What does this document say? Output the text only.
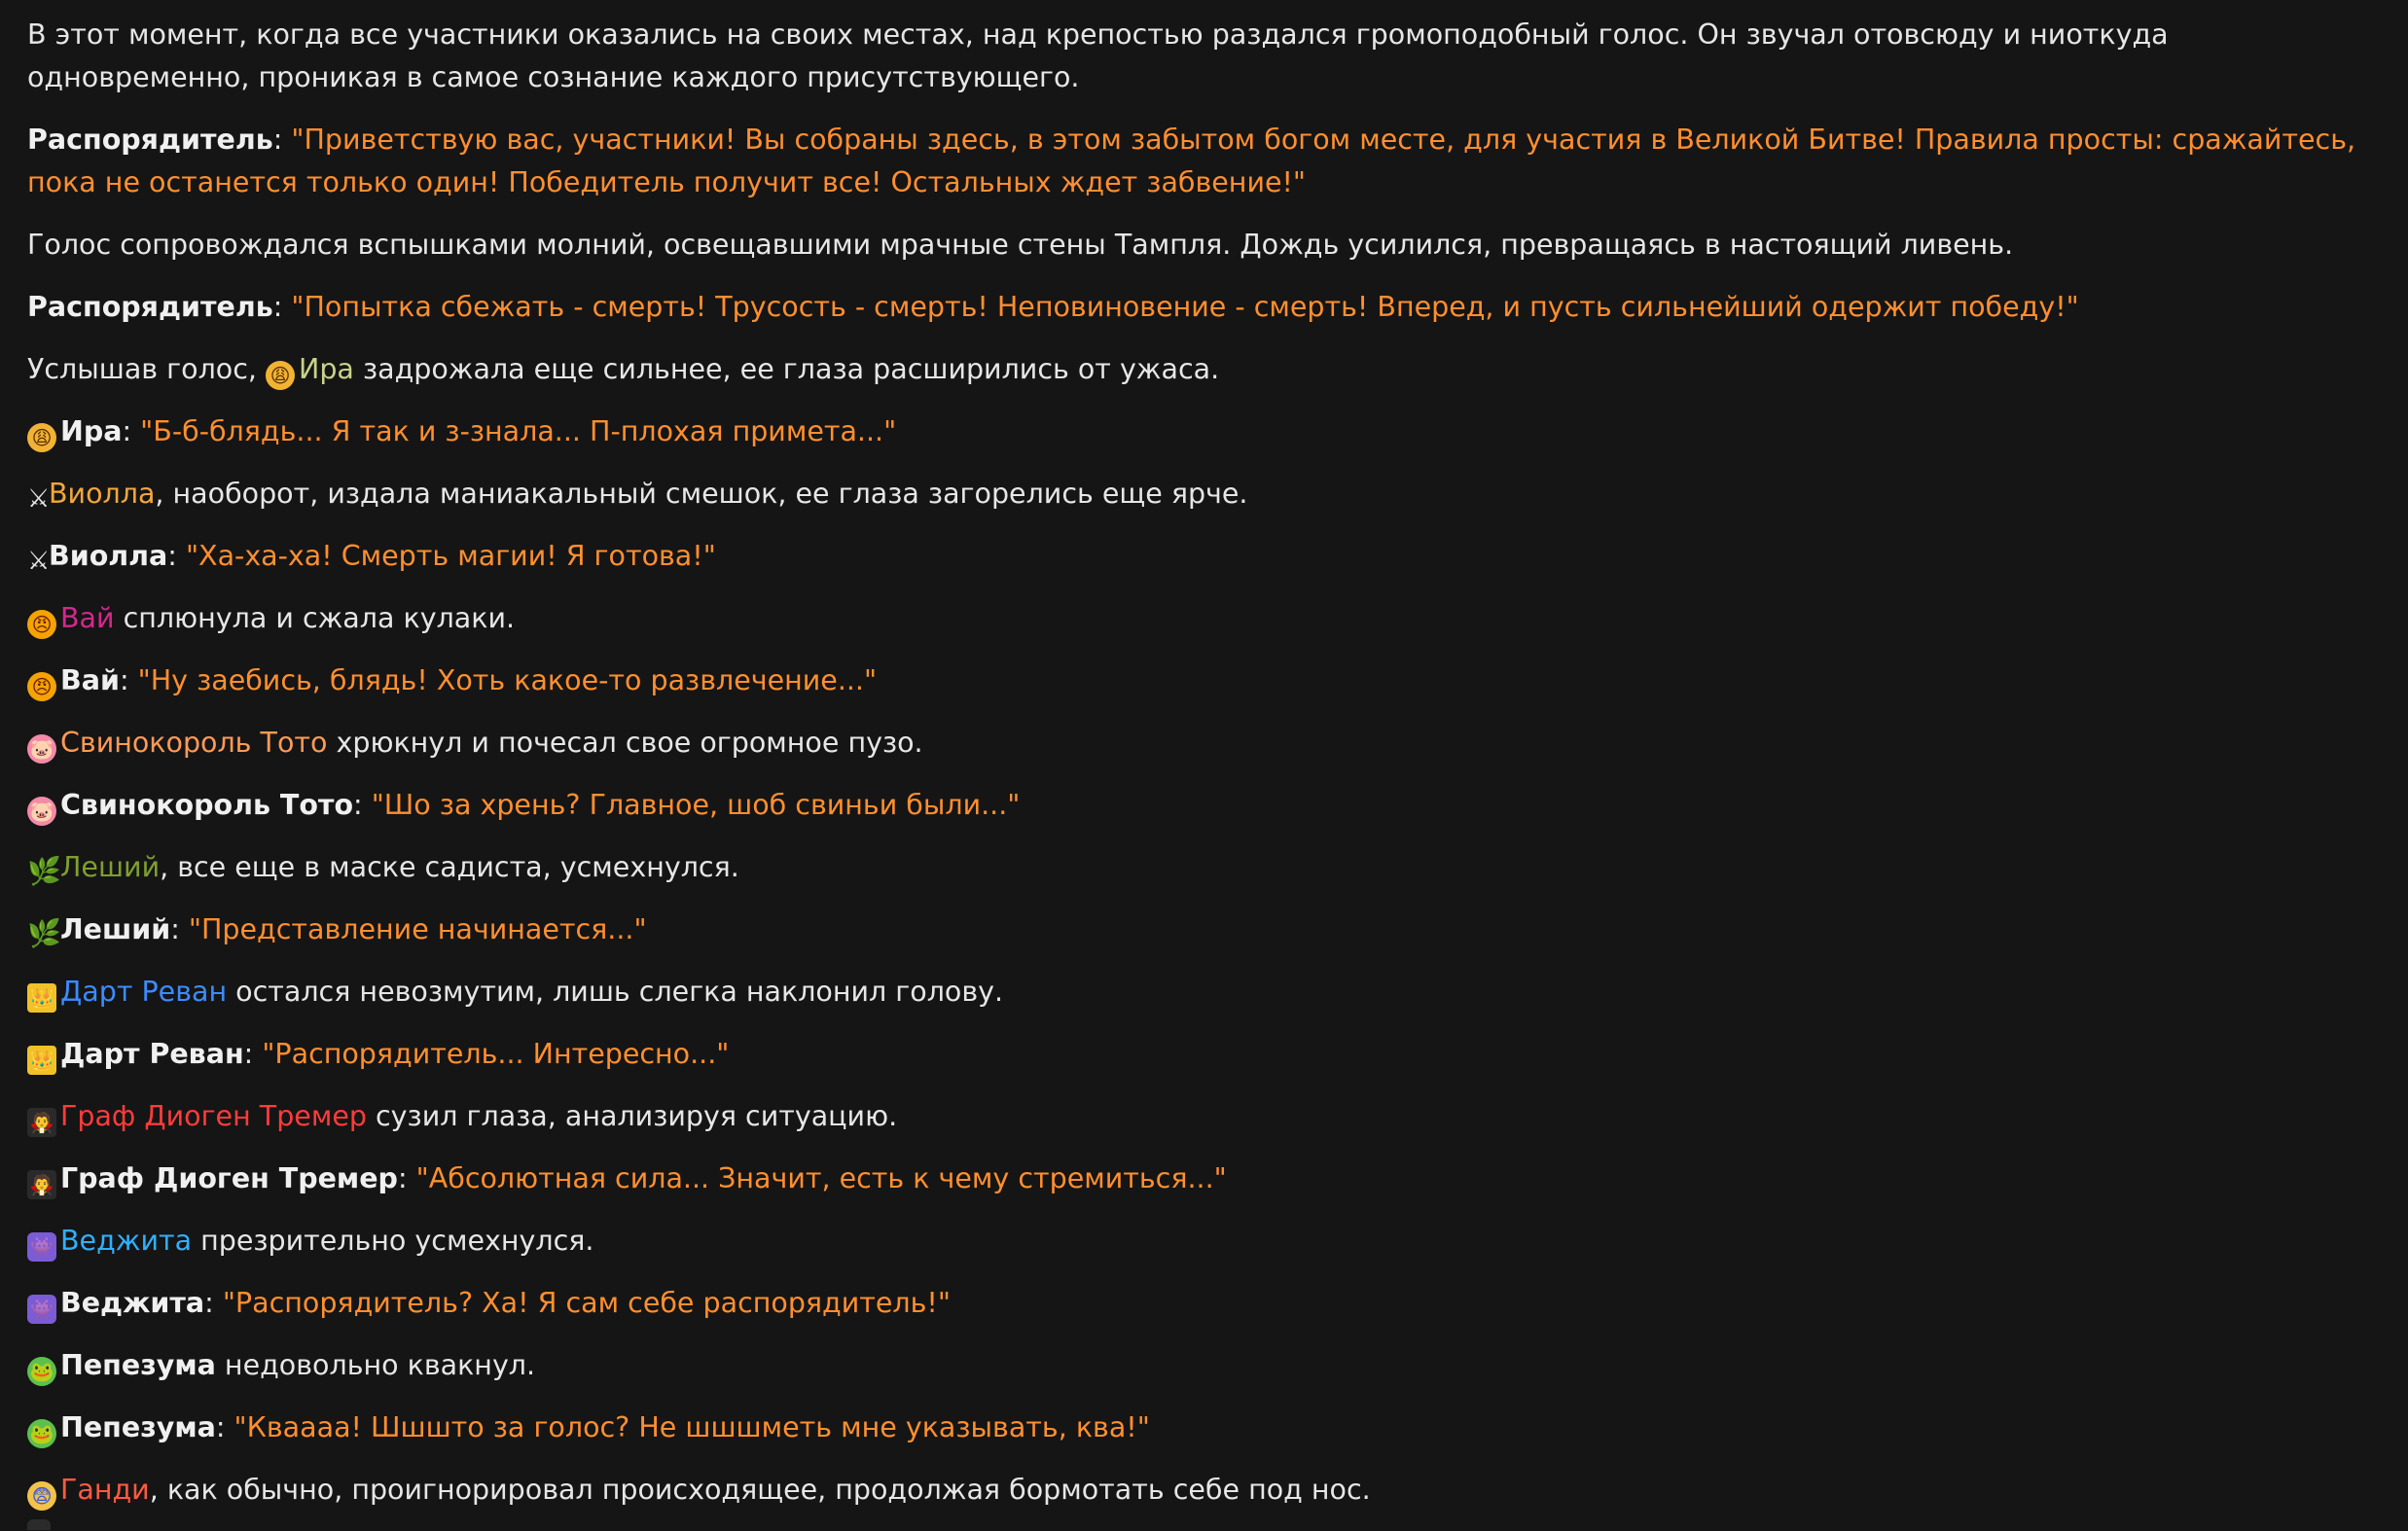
В этот момент, когда все участники оказались на своих местах, над крепостью раздался громоподобный голос. Он звучал отовсюду и ниоткуда одновременно, проникая в самое сознание каждого присутствующего.

Распорядитель: "Приветствую вас, участники! Вы собраны здесь, в этом забытом богом месте, для участия в Великой Битве! Правила просты: сражайтесь, пока не останется только один! Победитель получит все! Остальных ждет забвение!"

Голос сопровождался вспышками молний, освещавшими мрачные стены Тампля. Дождь усилился, превращаясь в настоящий ливень.

Распорядитель: "Попытка сбежать - смерть! Трусость - смерть! Неповиновение - смерть! Вперед, и пусть сильнейший одержит победу!"

Услышав голос, 😩 Ира задрожала еще сильнее, ее глаза расширились от ужаса.

😩 Ира: "Б-б-блядь... Я так и з-знала... П-плохая примета..."

⚔Виолла, наоборот, издала маниакальный смешок, ее глаза загорелись еще ярче.

⚔Виолла: "Ха-ха-ха! Смерть магии! Я готова!"

😠 Вай сплюнула и сжала кулаки.

😠 Вай: "Ну заебись, блядь! Хоть какое-то развлечение..."

🐷 Свинокороль Тото хрюкнул и почесал свое огромное пузо.

🐷 Свинокороль Тото: "Шо за хрень? Главное, шоб свиньи были..."

🌿Леший, все еще в маске садиста, усмехнулся.

🌿Леший: "Представление начинается..."

👑 Дарт Реван остался невозмутим, лишь слегка наклонил голову.

👑 Дарт Реван: "Распорядитель... Интересно..."

🧛 Граф Диоген Тремер сузил глаза, анализируя ситуацию.

🧛 Граф Диоген Тремер: "Абсолютная сила... Значит, есть к чему стремиться..."

👾 Веджита презрительно усмехнулся.

👾 Веджита: "Распорядитель? Ха! Я сам себе распорядитель!"

🐸 Пепезума недовольно квакнул.

🐸 Пепезума: "Квааaa! Шшшто за голос? Не шшшметь мне указывать, ква!"

😨 Ганди, как обычно, проигнорировал происходящее, продолжая бормотать себе под нос.
